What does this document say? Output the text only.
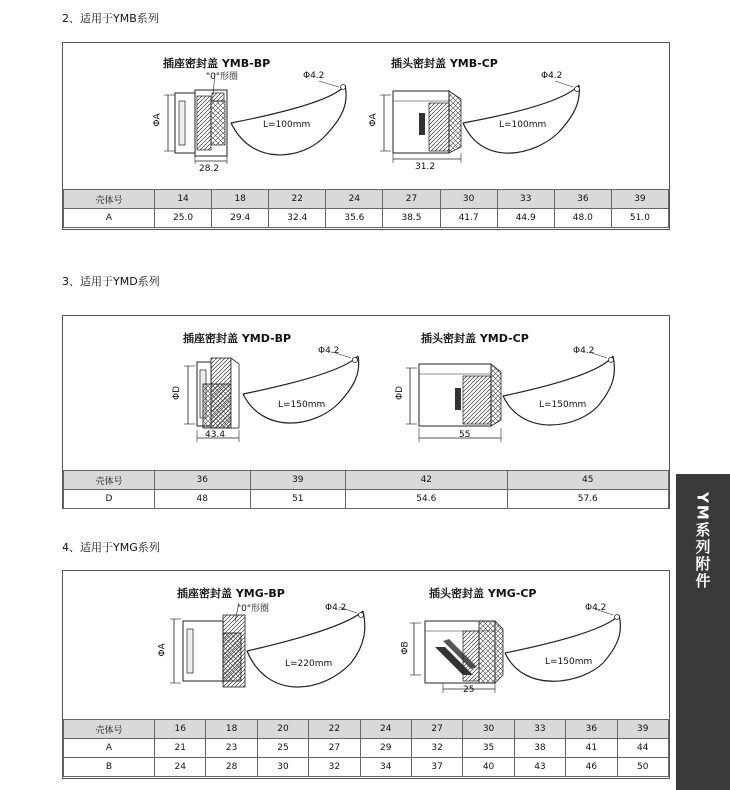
2、适用于YMB系列
插座密封盖 YMB-BP
"0"形圈	Φ4.2
ΦA	L=100mm
28.2
插头密封盖 YMB-CP
Φ4.2
ΦA	L=100mm
31.2
壳体号	14	18	22	24	27	30	33	36	39
A	25.0	29.4	32.4	35.6	38.5	41.7	44.9	48.0	51.0
3、适用于YMD系列
插座密封盖 YMD-BP
Φ4.2
ΦD
L=150mm
43.4
插头密封盖 YMD-CP
Φ4.2
ΦD
L=150mm
55
壳体号	36	39	42	45
D	48	51	54.6	57.6
4、适用于YMG系列
插座密封盖 YMG-BP
"0"形圈	Φ4.2
ΦA
L=220mm
插头密封盖 YMG-CP
Φ4.2
ΦB
L=150mm
25
壳体号	16	18	20	22	24	27	30	33	36	39
A	21	23	25	27	29	32	35	38	41	44
B	24	28	30	32	34	37	40	43	46	50
YM系列附件
